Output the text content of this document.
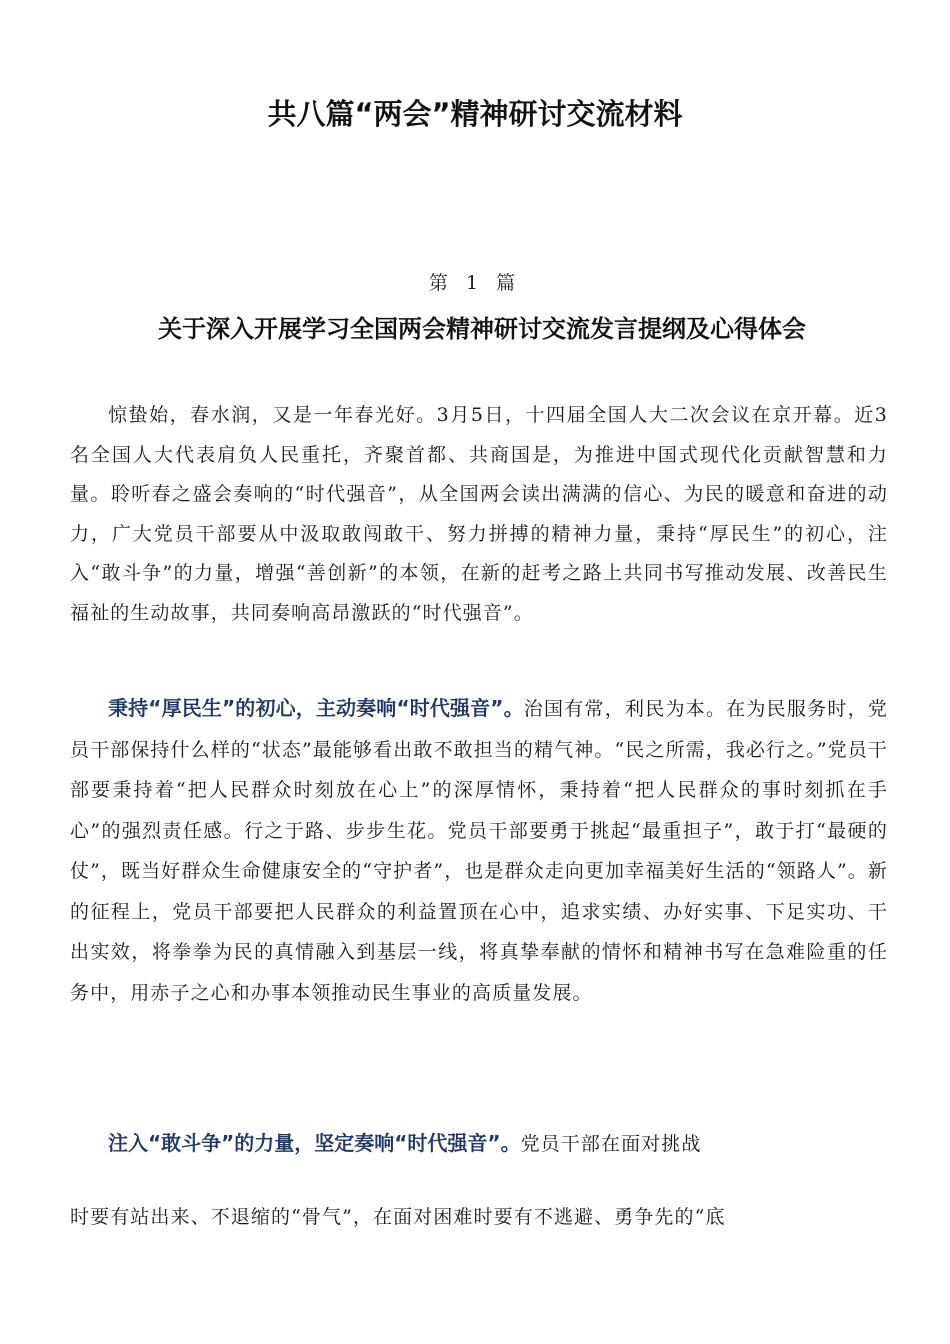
共八篇“两会”精神研讨交流材料
第 1 篇
关于深入开展学习全国两会精神研讨交流发言提纲及心得体会

惊蛰始，春水润，又是一年春光好。3月5日，十四届全国人大二次会议在京开幕。近3名全国人大代表肩负人民重托，齐聚首都、共商国是，为推进中国式现代化贡献智慧和力量。聆听春之盛会奏响的“时代强音”，从全国两会读出满满的信心、为民的暖意和奋进的动力，广大党员干部要从中汲取敢闯敢干、努力拼搏的精神力量，秉持“厚民生”的初心，注入“敢斗争”的力量，增强“善创新”的本领，在新的赶考之路上共同书写推动发展、改善民生福祉的生动故事，共同奏响高昂激跃的“时代强音”。

秉持“厚民生”的初心，主动奏响“时代强音”。治国有常，利民为本。在为民服务时，党员干部保持什么样的“状态”最能够看出敢不敢担当的精气神。“民之所需，我必行之。”党员干部要秉持着“把人民群众时刻放在心上”的深厚情怀，秉持着“把人民群众的事时刻抓在手心”的强烈责任感。行之于路、步步生花。党员干部要勇于挑起“最重担子”，敢于打“最硬的仗”，既当好群众生命健康安全的“守护者”，也是群众走向更加幸福美好生活的“领路人”。新的征程上，党员干部要把人民群众的利益置顶在心中，追求实绩、办好实事、下足实功、干出实效，将拳拳为民的真情融入到基层一线，将真挚奉献的情怀和精神书写在急难险重的任务中，用赤子之心和办事本领推动民生事业的高质量发展。

注入“敢斗争”的力量，坚定奏响“时代强音”。党员干部在面对挑战

时要有站出来、不退缩的“骨气”，在面对困难时要有不逃避、勇争先的“底
